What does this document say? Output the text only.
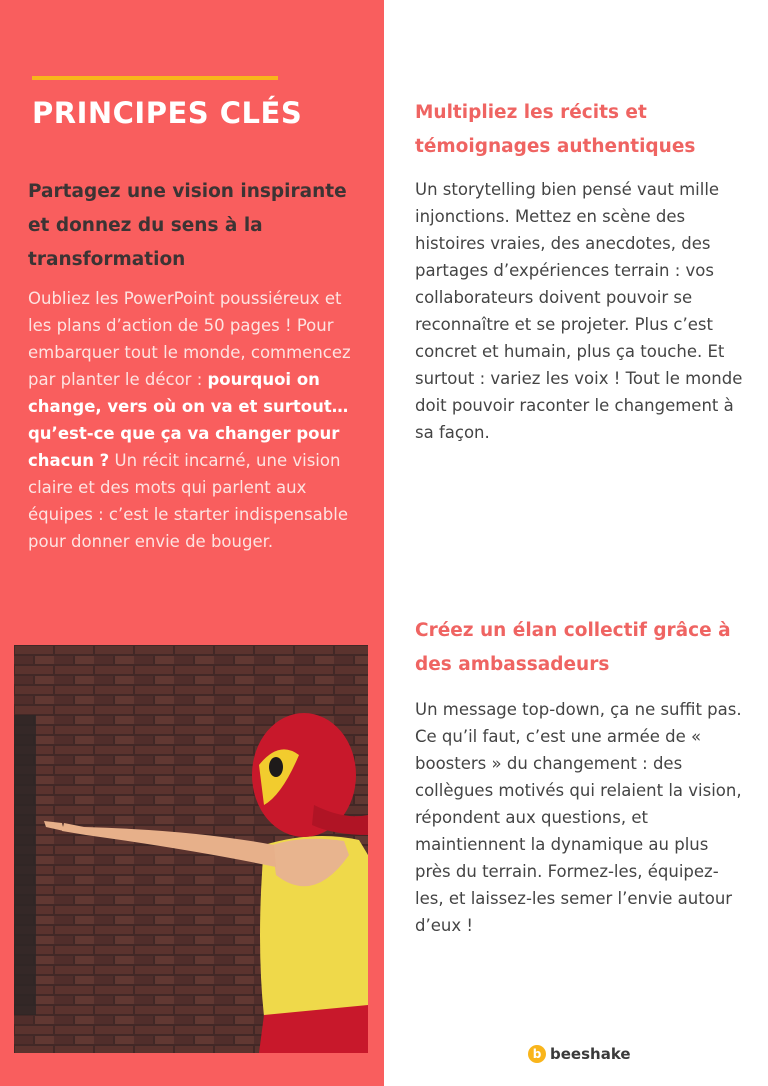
PRINCIPES CLÉS
Partagez une vision inspirante et donnez du sens à la transformation

Oubliez les PowerPoint poussiéreux et les plans d’action de 50 pages ! Pour embarquer tout le monde, commencez par planter le décor : pourquoi on change, vers où on va et surtout… qu’est-ce que ça va changer pour chacun ? Un récit incarné, une vision claire et des mots qui parlent aux équipes : c’est le starter indispensable pour donner envie de bouger.

Multipliez les récits et témoignages authentiques

Un storytelling bien pensé vaut mille injonctions. Mettez en scène des histoires vraies, des anecdotes, des partages d’expériences terrain : vos collaborateurs doivent pouvoir se reconnaître et se projeter. Plus c’est concret et humain, plus ça touche. Et surtout : variez les voix ! Tout le monde doit pouvoir raconter le changement à sa façon.

Créez un élan collectif grâce à des ambassadeurs

Un message top-down, ça ne suffit pas. Ce qu’il faut, c’est une armée de « boosters » du changement : des collègues motivés qui relaient la vision, répondent aux questions, et maintiennent la dynamique au plus près du terrain. Formez-les, équipez-les, et laissez-les semer l’envie autour d’eux !

b beeshake
